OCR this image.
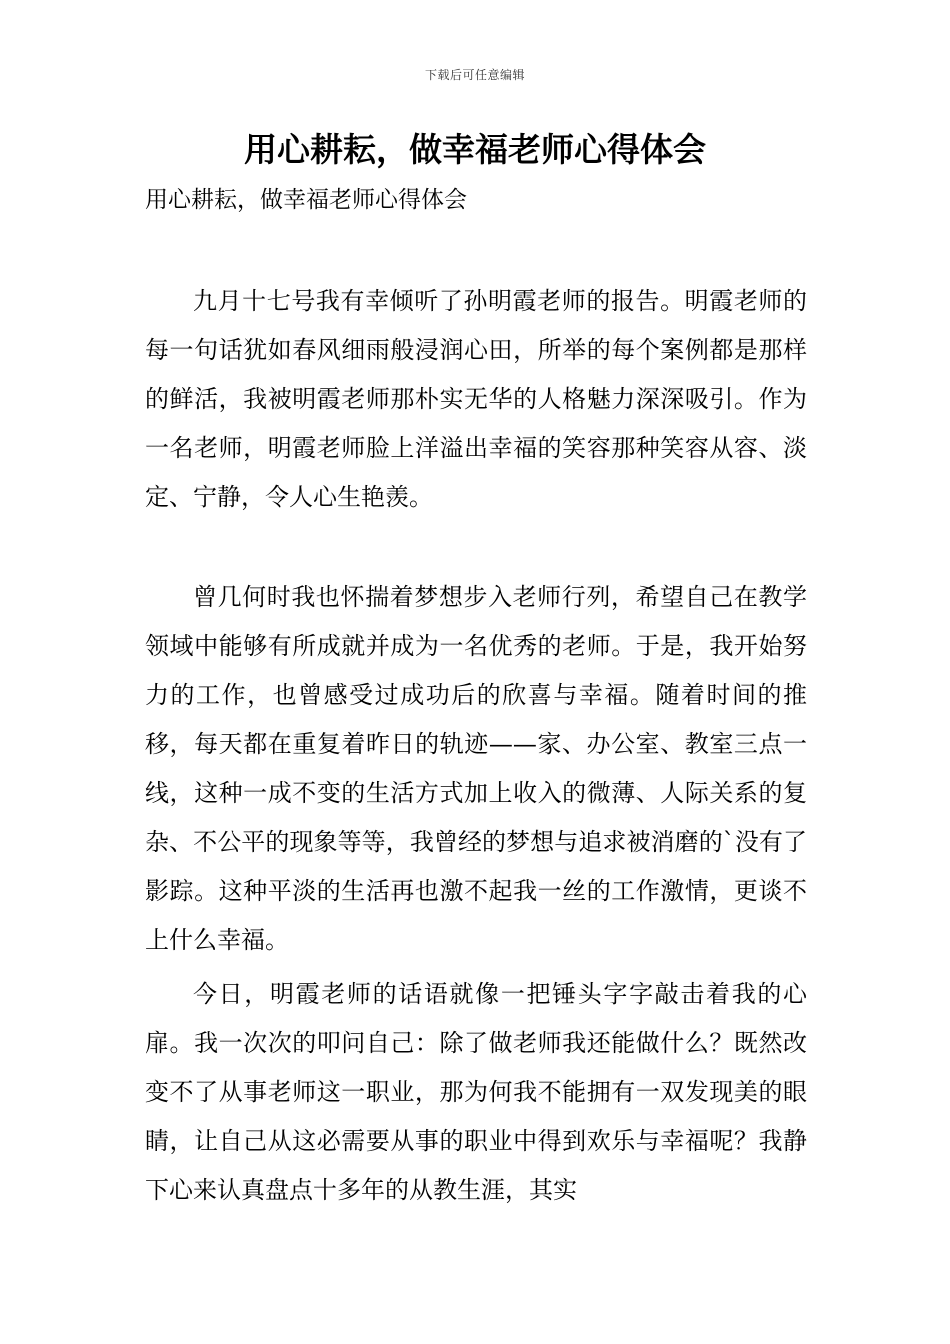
下载后可任意编辑
用心耕耘，做幸福老师心得体会

用心耕耘，做幸福老师心得体会

九月十七号我有幸倾听了孙明霞老师的报告。明霞老师的每一句话犹如春风细雨般浸润心田，所举的每个案例都是那样的鲜活，我被明霞老师那朴实无华的人格魅力深深吸引。作为一名老师，明霞老师脸上洋溢出幸福的笑容那种笑容从容、淡定、宁静，令人心生艳羡。

曾几何时我也怀揣着梦想步入老师行列，希望自己在教学领域中能够有所成就并成为一名优秀的老师。于是，我开始努力的工作，也曾感受过成功后的欣喜与幸福。随着时间的推移，每天都在重复着昨日的轨迹——家、办公室、教室三点一线，这种一成不变的生活方式加上收入的微薄、人际关系的复杂、不公平的现象等等，我曾经的梦想与追求被消磨的`没有了影踪。这种平淡的生活再也激不起我一丝的工作激情，更谈不上什么幸福。

今日，明霞老师的话语就像一把锤头字字敲击着我的心扉。我一次次的叩问自己：除了做老师我还能做什么？既然改变不了从事老师这一职业，那为何我不能拥有一双发现美的眼睛，让自己从这必需要从事的职业中得到欢乐与幸福呢？我静下心来认真盘点十多年的从教生涯，其实
